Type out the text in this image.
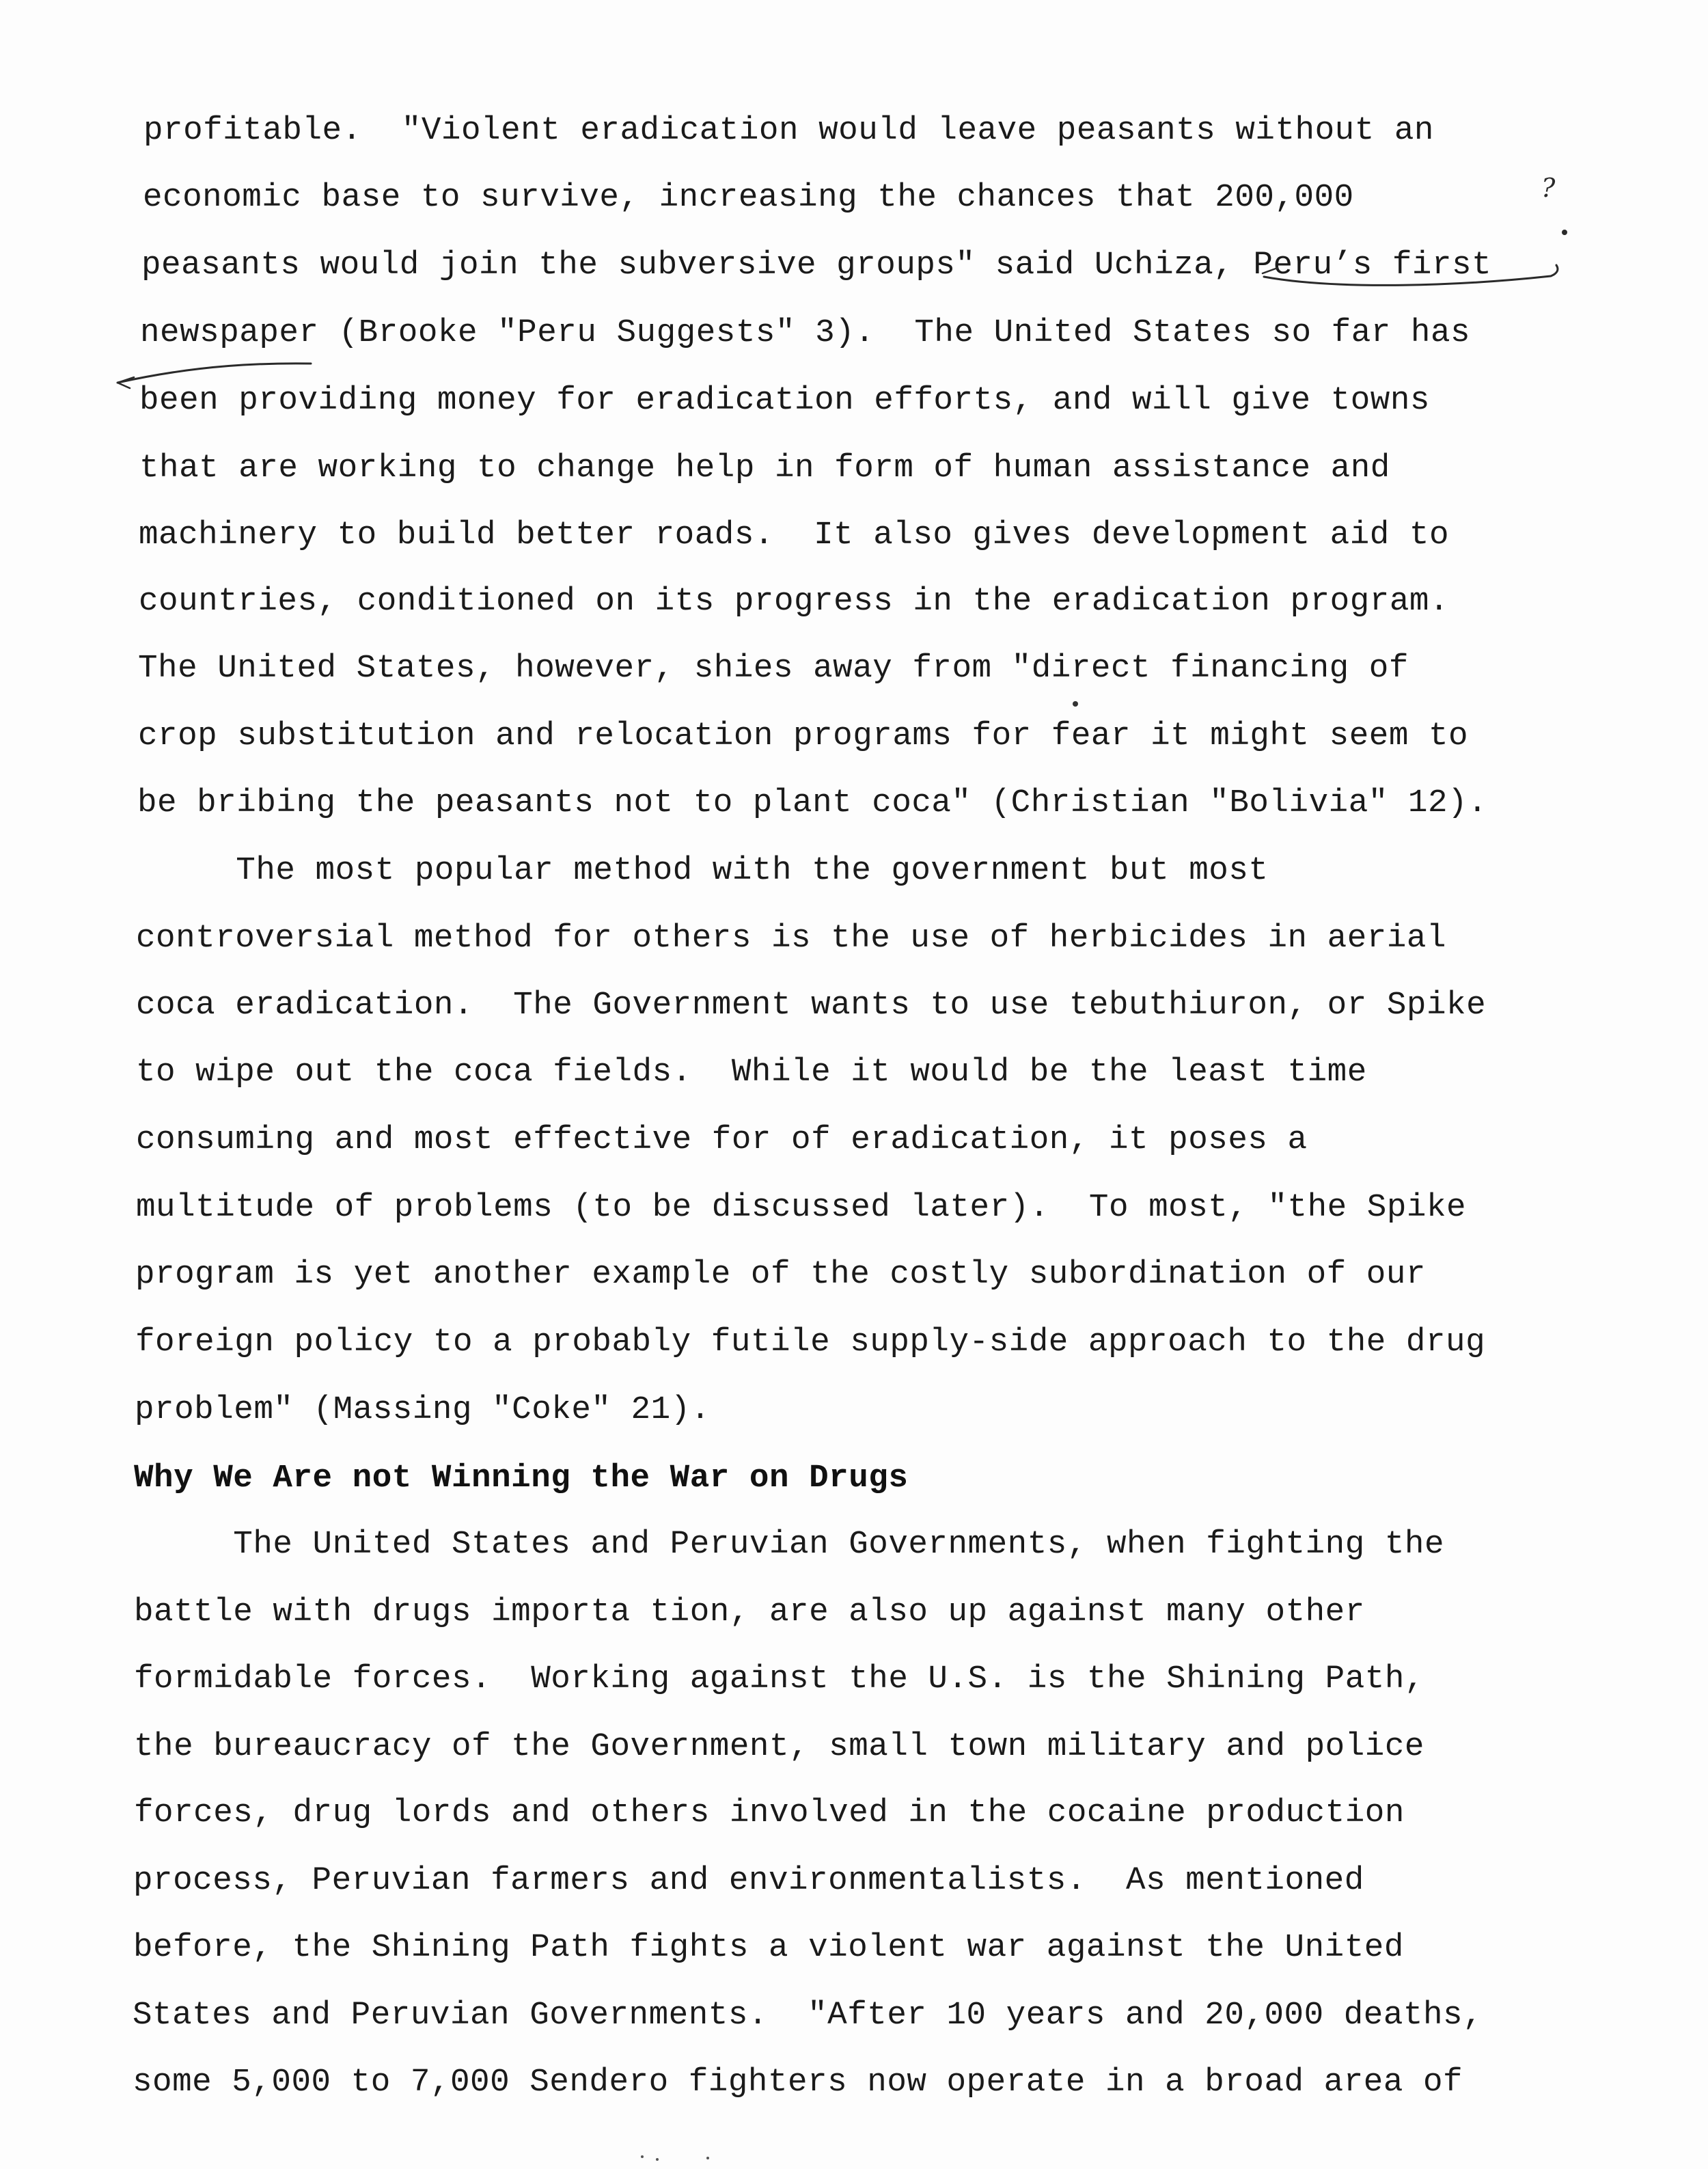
profitable.  "Violent eradication would leave peasants without an
economic base to survive, increasing the chances that 200,000
peasants would join the subversive groups" said Uchiza, Peru’s first
newspaper (Brooke "Peru Suggests" 3).  The United States so far has
been providing money for eradication efforts, and will give towns
that are working to change help in form of human assistance and
machinery to build better roads.  It also gives development aid to
countries, conditioned on its progress in the eradication program.
The United States, however, shies away from "direct financing of
crop substitution and relocation programs for fear it might seem to
be bribing the peasants not to plant coca" (Christian "Bolivia" 12).
The most popular method with the government but most
controversial method for others is the use of herbicides in aerial
coca eradication.  The Government wants to use tebuthiuron, or Spike
to wipe out the coca fields.  While it would be the least time
consuming and most effective for of eradication, it poses a
multitude of problems (to be discussed later).  To most, "the Spike
program is yet another example of the costly subordination of our
foreign policy to a probably futile supply-side approach to the drug
problem" (Massing "Coke" 21).
Why We Are not Winning the War on Drugs
The United States and Peruvian Governments, when fighting the
battle with drugs importa tion, are also up against many other
formidable forces.  Working against the U.S. is the Shining Path,
the bureaucracy of the Government, small town military and police
forces, drug lords and others involved in the cocaine production
process, Peruvian farmers and environmentalists.  As mentioned
before, the Shining Path fights a violent war against the United
States and Peruvian Governments.  "After 10 years and 20,000 deaths,
some 5,000 to 7,000 Sendero fighters now operate in a broad area of
?
